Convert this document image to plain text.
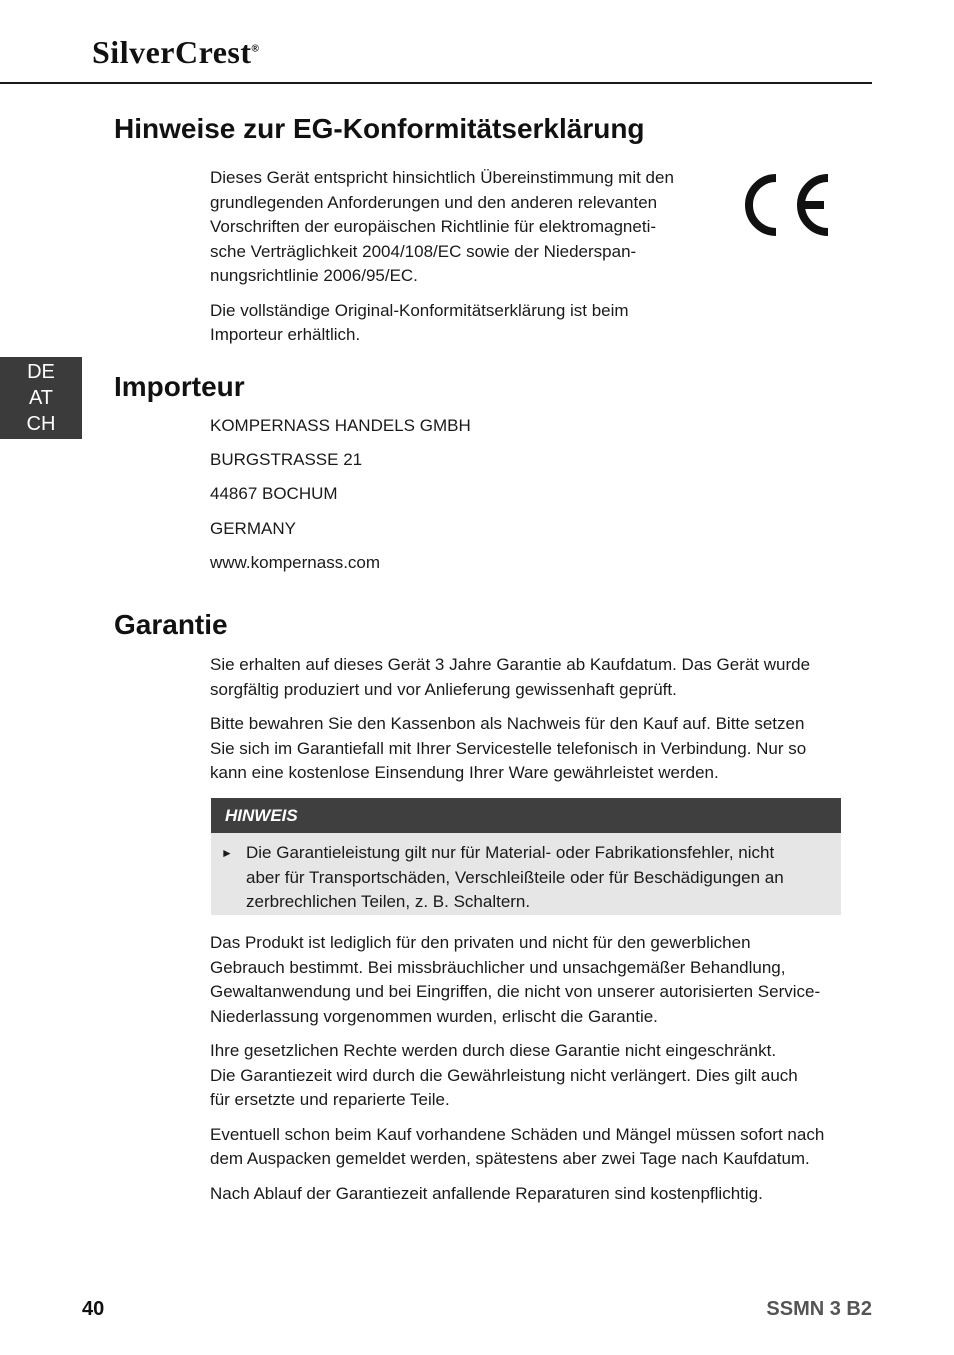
SilverCrest®
Hinweise zur EG-Konformitätserklärung

Dieses Gerät entspricht hinsichtlich Übereinstimmung mit den
grundlegenden Anforderungen und den anderen relevanten
Vorschriften der europäischen Richtlinie für elektromagneti-
sche Verträglichkeit 2004/108/EC sowie der Niederspan-
nungsrichtlinie 2006/95/EC.

Die vollständige Original-Konformitätserklärung ist beim
Importeur erhältlich.

DE
AT
CH
Importeur
KOMPERNASS HANDELS GMBH
BURGSTRASSE 21
44867 BOCHUM
GERMANY
www.kompernass.com
Garantie

Sie erhalten auf dieses Gerät 3 Jahre Garantie ab Kaufdatum. Das Gerät wurde
sorgfältig produziert und vor Anlieferung gewissenhaft geprüft.

Bitte bewahren Sie den Kassenbon als Nachweis für den Kauf auf. Bitte setzen
Sie sich im Garantiefall mit Ihrer Servicestelle telefonisch in Verbindung. Nur so
kann eine kostenlose Einsendung Ihrer Ware gewährleistet werden.

HINWEIS
► Die Garantieleistung gilt nur für Material- oder Fabrikationsfehler, nicht
aber für Transportschäden, Verschleißteile oder für Beschädigungen an
zerbrechlichen Teilen, z. B. Schaltern.

Das Produkt ist lediglich für den privaten und nicht für den gewerblichen
Gebrauch bestimmt. Bei missbräuchlicher und unsachgemäßer Behandlung,
Gewaltanwendung und bei Eingriffen, die nicht von unserer autorisierten Service-
Niederlassung vorgenommen wurden, erlischt die Garantie.

Ihre gesetzlichen Rechte werden durch diese Garantie nicht eingeschränkt.
Die Garantiezeit wird durch die Gewährleistung nicht verlängert. Dies gilt auch
für ersetzte und reparierte Teile.

Eventuell schon beim Kauf vorhandene Schäden und Mängel müssen sofort nach
dem Auspacken gemeldet werden, spätestens aber zwei Tage nach Kaufdatum.

Nach Ablauf der Garantiezeit anfallende Reparaturen sind kostenpflichtig.

40	SSMN 3 B2
